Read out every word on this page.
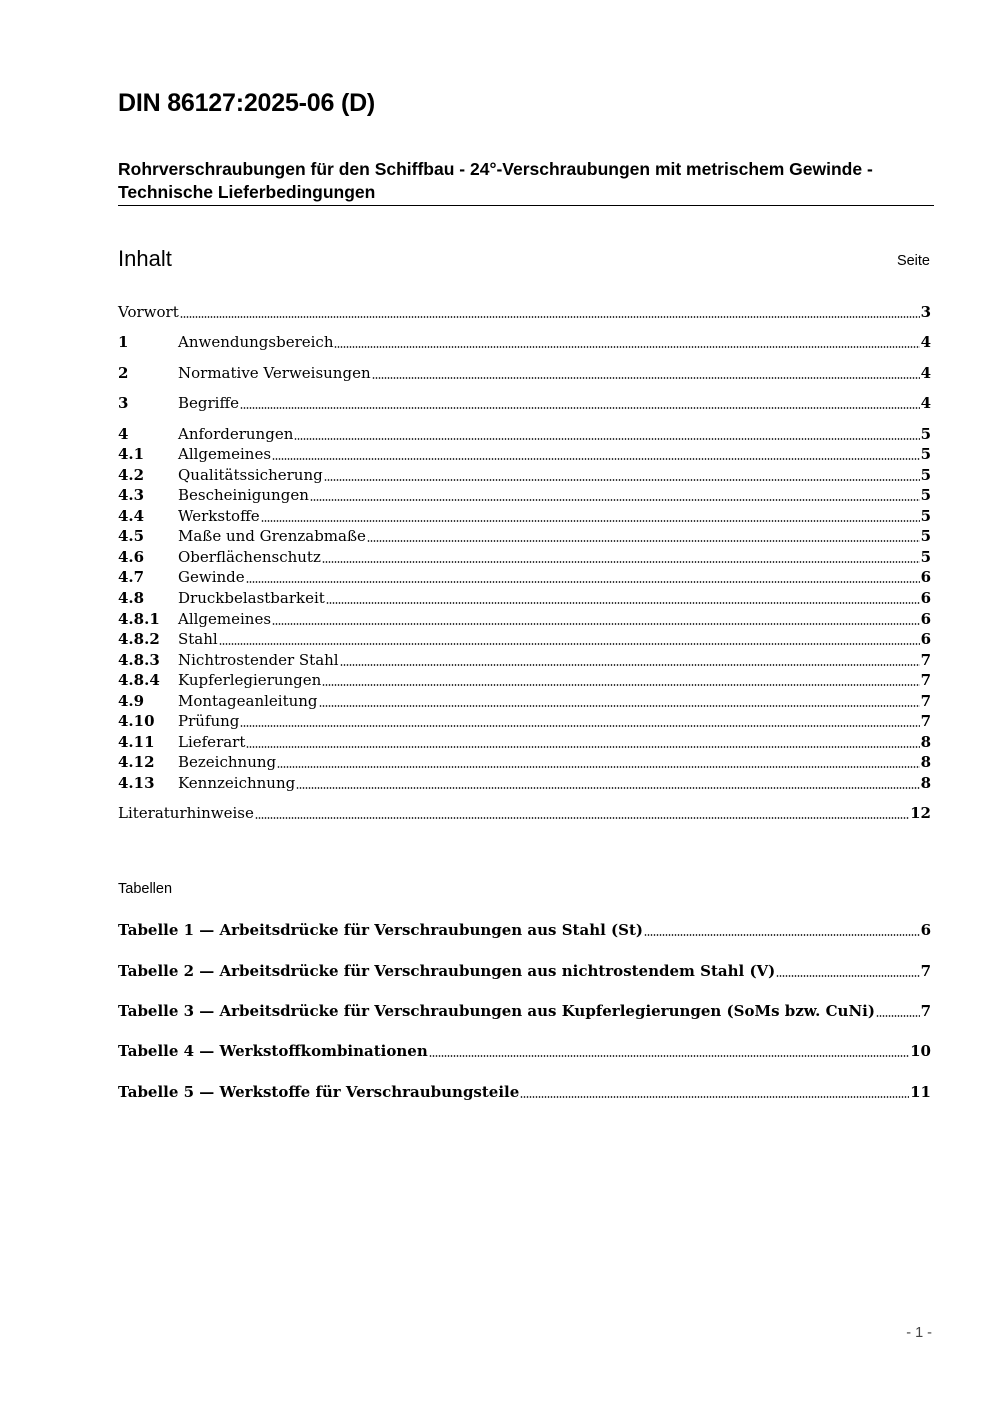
DIN 86127:2025-06 (D)
Rohrverschraubungen für den Schiffbau - 24°-Verschraubungen mit metrischem Gewinde - Technische Lieferbedingungen
Inhalt	Seite
Vorwort	3
1	Anwendungsbereich	4
2	Normative Verweisungen	4
3	Begriffe	4
4	Anforderungen	5
4.1	Allgemeines	5
4.2	Qualitätssicherung	5
4.3	Bescheinigungen	5
4.4	Werkstoffe	5
4.5	Maße und Grenzabmaße	5
4.6	Oberflächenschutz	5
4.7	Gewinde	6
4.8	Druckbelastbarkeit	6
4.8.1	Allgemeines	6
4.8.2	Stahl	6
4.8.3	Nichtrostender Stahl	7
4.8.4	Kupferlegierungen	7
4.9	Montageanleitung	7
4.10	Prüfung	7
4.11	Lieferart	8
4.12	Bezeichnung	8
4.13	Kennzeichnung	8
Literaturhinweise	12
Tabellen
Tabelle 1 — Arbeitsdrücke für Verschraubungen aus Stahl (St)	6
Tabelle 2 — Arbeitsdrücke für Verschraubungen aus nichtrostendem Stahl (V)	7
Tabelle 3 — Arbeitsdrücke für Verschraubungen aus Kupferlegierungen (SoMs bzw. CuNi)	7
Tabelle 4 — Werkstoffkombinationen	10
Tabelle 5 — Werkstoffe für Verschraubungsteile	11
- 1 -
